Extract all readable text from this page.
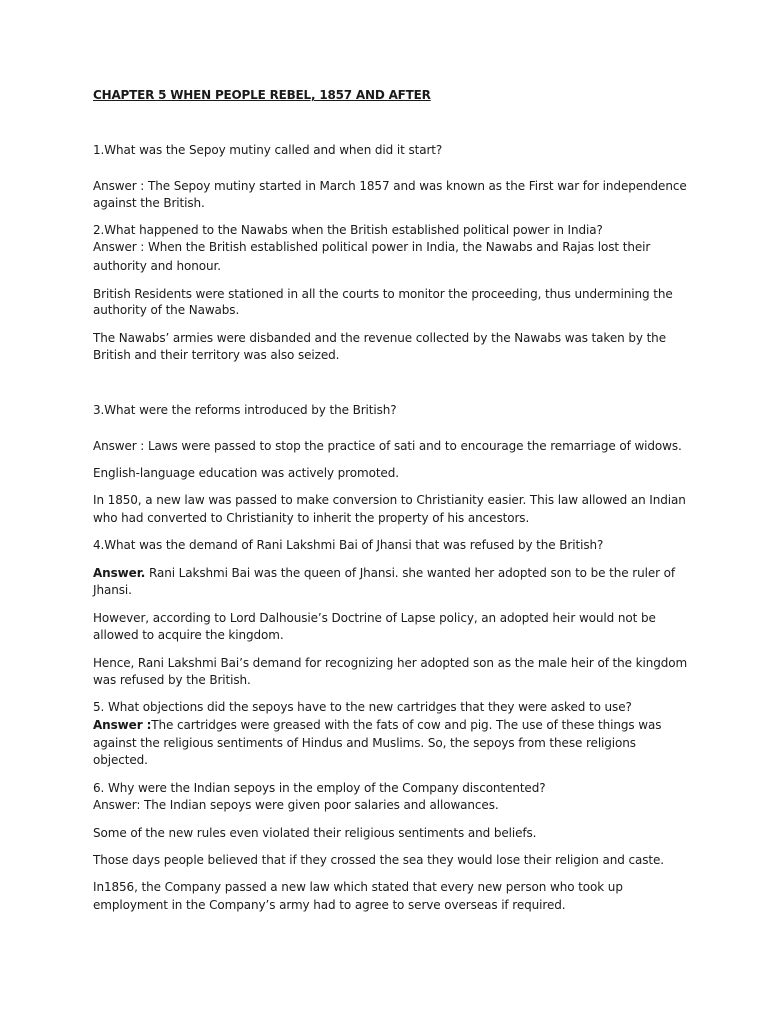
CHAPTER 5 WHEN PEOPLE REBEL, 1857 AND AFTER

1.What was the Sepoy mutiny called and when did it start?

Answer : The Sepoy mutiny started in March 1857 and was known as the First war for independence

against the British.

2.What happened to the Nawabs when the British established political power in India?

Answer : When the British established political power in India, the Nawabs and Rajas lost their

authority and honour.

British Residents were stationed in all the courts to monitor the proceeding, thus undermining the

authority of the Nawabs.

The Nawabs’ armies were disbanded and the revenue collected by the Nawabs was taken by the

British and their territory was also seized.

3.What were the reforms introduced by the British?

Answer : Laws were passed to stop the practice of sati and to encourage the remarriage of widows.

English-language education was actively promoted.

In 1850, a new law was passed to make conversion to Christianity easier. This law allowed an Indian

who had converted to Christianity to inherit the property of his ancestors.

4.What was the demand of Rani Lakshmi Bai of Jhansi that was refused by the British?

Answer. Rani Lakshmi Bai was the queen of Jhansi. she wanted her adopted son to be the ruler of

Jhansi.

However, according to Lord Dalhousie’s Doctrine of Lapse policy, an adopted heir would not be

allowed to acquire the kingdom.

Hence, Rani Lakshmi Bai’s demand for recognizing her adopted son as the male heir of the kingdom

was refused by the British.

5. What objections did the sepoys have to the new cartridges that they were asked to use?

Answer :The cartridges were greased with the fats of cow and pig. The use of these things was

against the religious sentiments of Hindus and Muslims. So, the sepoys from these religions

objected.

6. Why were the Indian sepoys in the employ of the Company discontented?

Answer: The Indian sepoys were given poor salaries and allowances.

Some of the new rules even violated their religious sentiments and beliefs.

Those days people believed that if they crossed the sea they would lose their religion and caste.

In1856, the Company passed a new law which stated that every new person who took up

employment in the Company’s army had to agree to serve overseas if required.
